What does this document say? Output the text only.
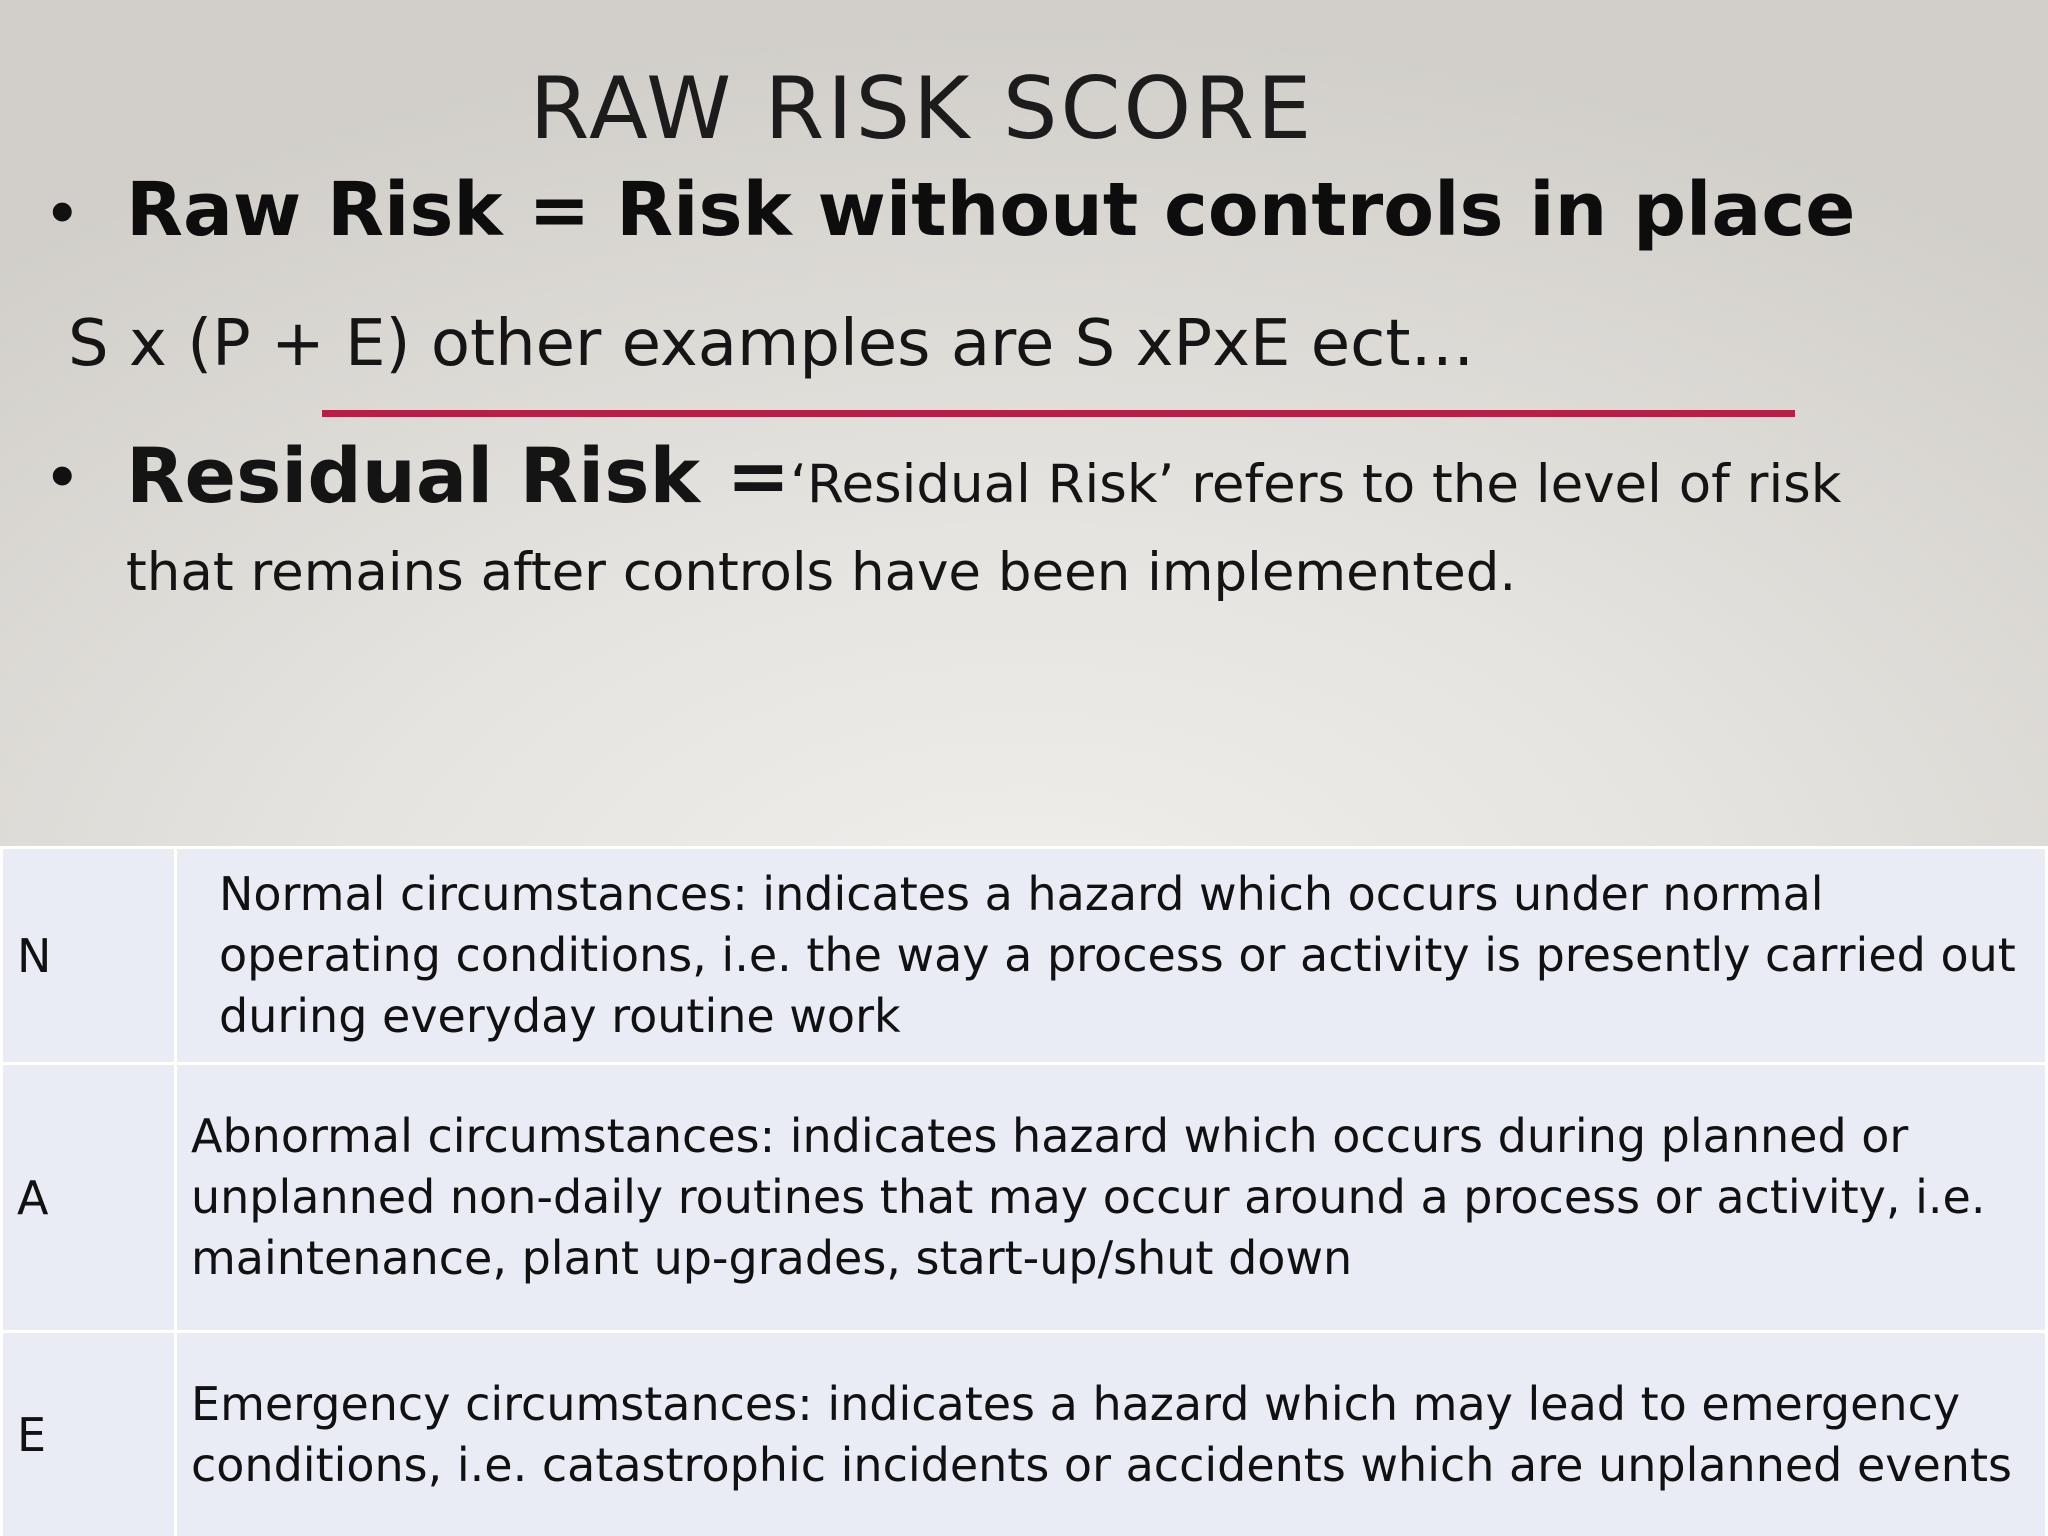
RAW RISK SCORE
• Raw Risk = Risk without controls in place
S x (P + E) other examples are S xPxE ect…
• Residual Risk =‘Residual Risk’ refers to the level of risk that remains after controls have been implemented.
N	Normal circumstances: indicates a hazard which occurs under normal operating conditions, i.e. the way a process or activity is presently carried out during everyday routine work
A	Abnormal circumstances: indicates hazard which occurs during planned or unplanned non-daily routines that may occur around a process or activity, i.e. maintenance, plant up-grades, start-up/shut down
E	Emergency circumstances: indicates a hazard which may lead to emergency conditions, i.e. catastrophic incidents or accidents which are unplanned events
